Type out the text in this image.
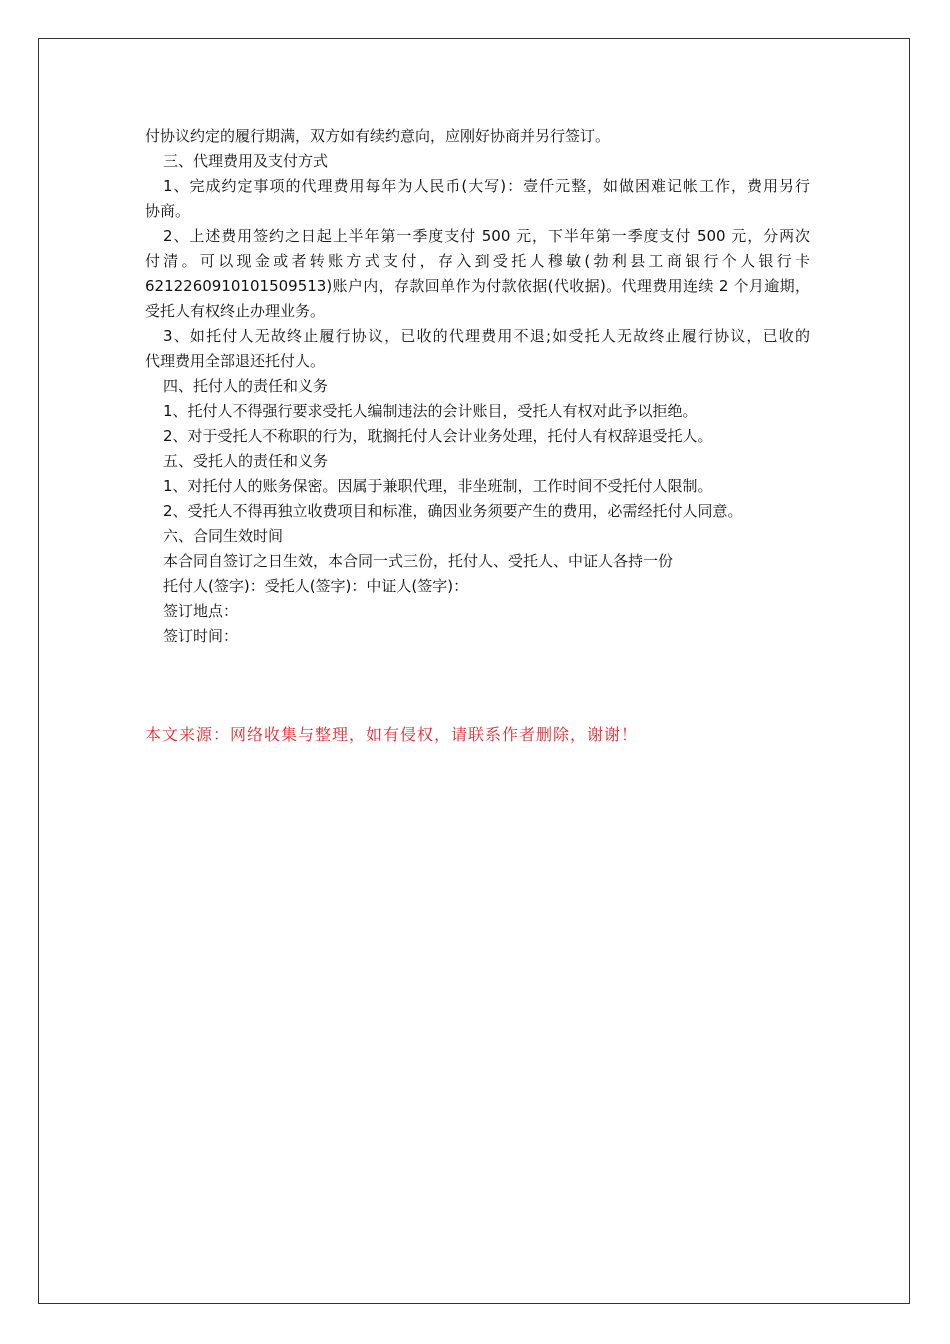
付协议约定的履行期满，双方如有续约意向，应刚好协商并另行签订。
三、代理费用及支付方式
1、完成约定事项的代理费用每年为人民币(大写)：壹仟元整，如做困难记帐工作，费用另行
协商。
2、上述费用签约之日起上半年第一季度支付 500 元，下半年第一季度支付 500 元，分两次
付清。可以现金或者转账方式支付，存入到受托人穆敏(勃利县工商银行个人银行卡
6212260910101509513)账户内，存款回单作为付款依据(代收据)。代理费用连续 2 个月逾期，
受托人有权终止办理业务。
3、如托付人无故终止履行协议，已收的代理费用不退;如受托人无故终止履行协议，已收的
代理费用全部退还托付人。
四、托付人的责任和义务
1、托付人不得强行要求受托人编制违法的会计账目，受托人有权对此予以拒绝。
2、对于受托人不称职的行为，耽搁托付人会计业务处理，托付人有权辞退受托人。
五、受托人的责任和义务
1、对托付人的账务保密。因属于兼职代理，非坐班制，工作时间不受托付人限制。
2、受托人不得再独立收费项目和标准，确因业务须要产生的费用，必需经托付人同意。
六、合同生效时间
本合同自签订之日生效，本合同一式三份，托付人、受托人、中证人各持一份
托付人(签字)：受托人(签字)：中证人(签字)：
签订地点：
签订时间：
本文来源：网络收集与整理，如有侵权，请联系作者删除，谢谢！
